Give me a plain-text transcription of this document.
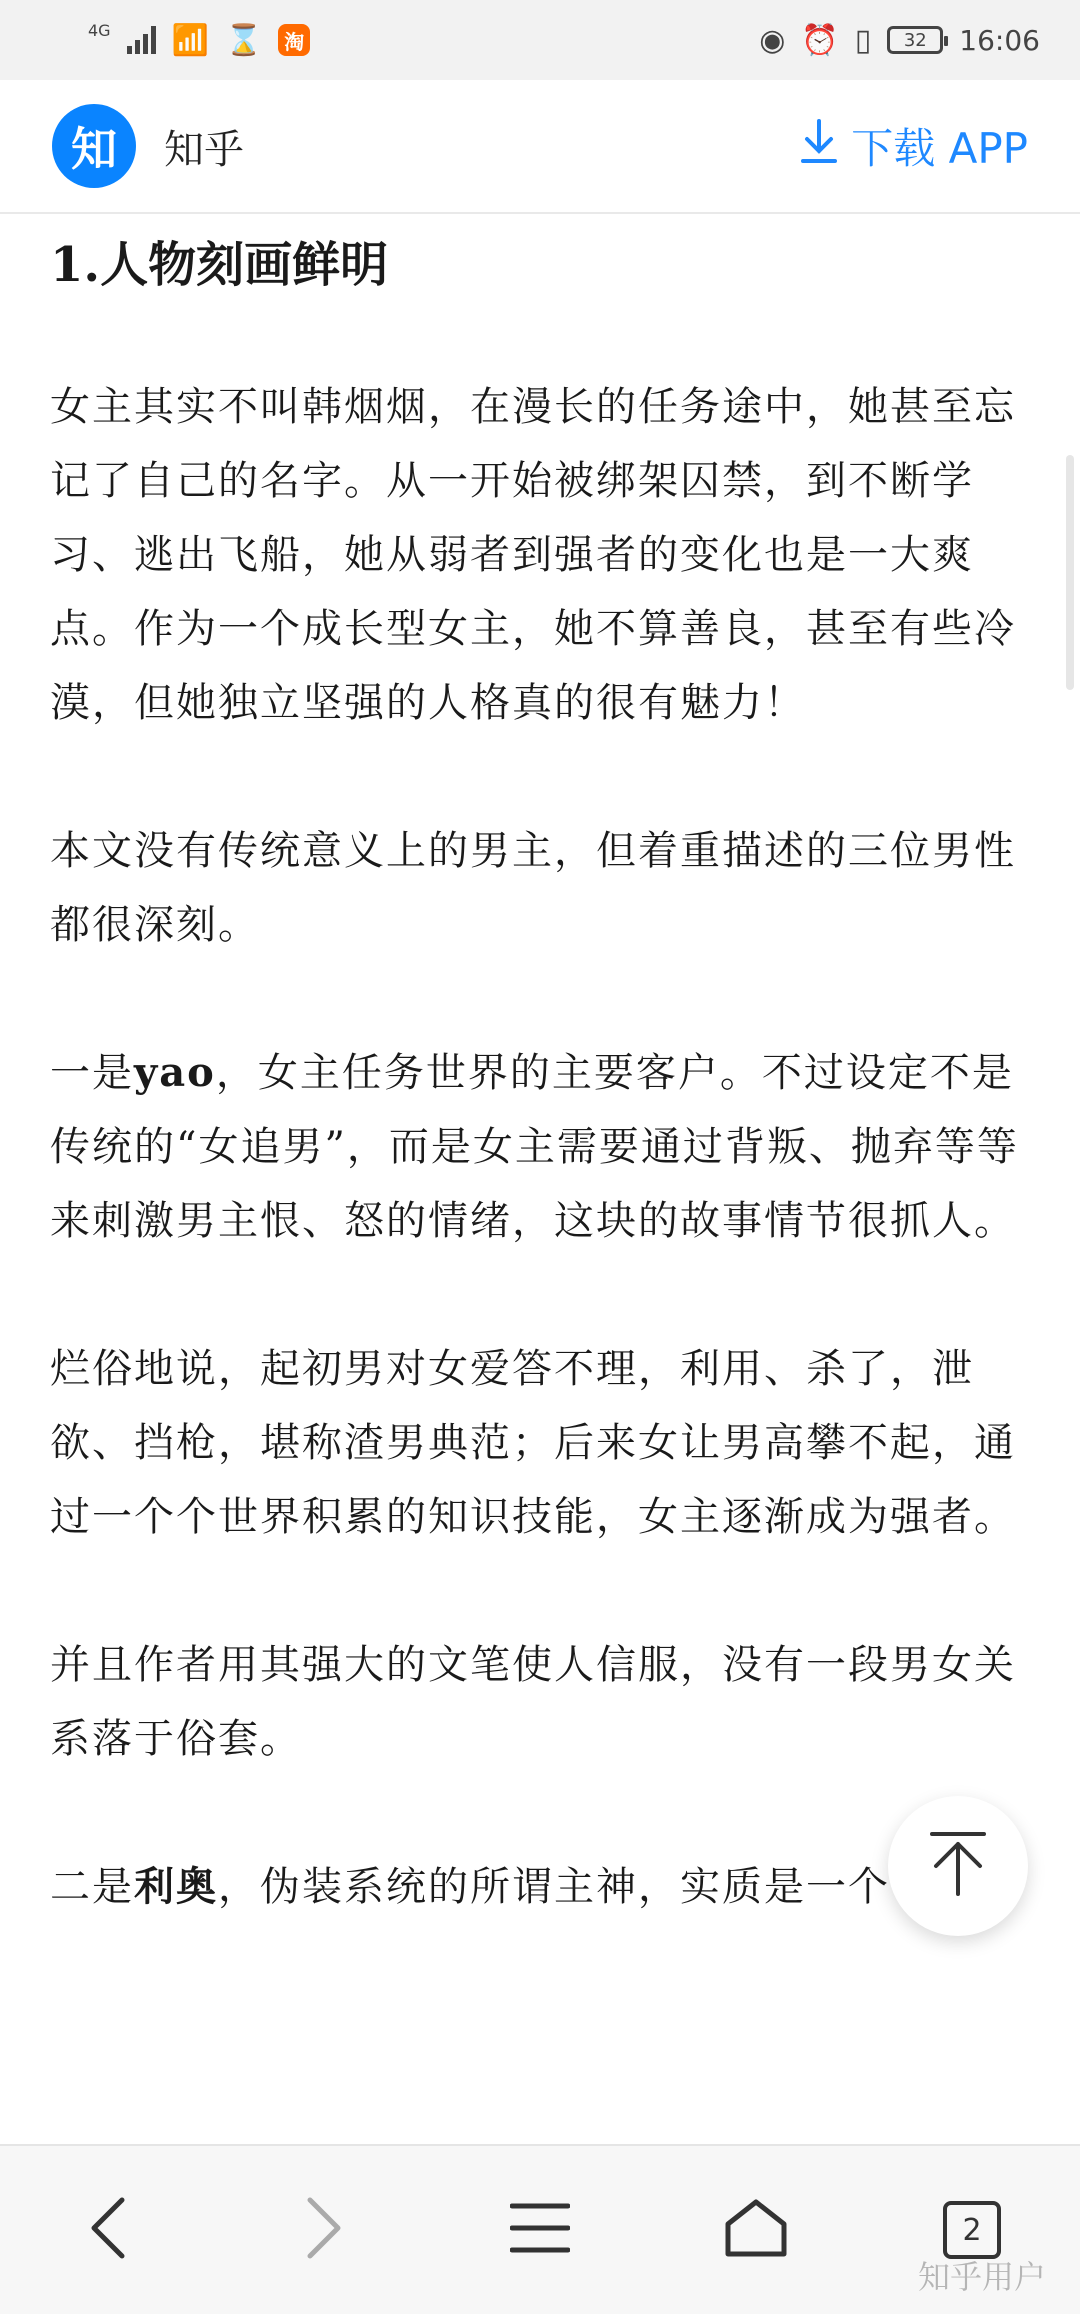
4G 📶 ⌛	淘	◉ ⏰ ▯	32	16:06
知	知乎	下载 APP
1.人物刻画鲜明

女主其实不叫韩烟烟，在漫长的任务途中，她甚至忘记了自己的名字。从一开始被绑架囚禁，到不断学习、逃出飞船，她从弱者到强者的变化也是一大爽点。作为一个成长型女主，她不算善良，甚至有些冷漠，但她独立坚强的人格真的很有魅力！

本文没有传统意义上的男主，但着重描述的三位男性都很深刻。

一是yao，女主任务世界的主要客户。不过设定不是传统的“女追男”，而是女主需要通过背叛、抛弃等等来刺激男主恨、怒的情绪，这块的故事情节很抓人。

烂俗地说，起初男对女爱答不理，利用、杀了，泄欲、挡枪，堪称渣男典范；后来女让男高攀不起，通过一个个世界积累的知识技能，女主逐渐成为强者。

并且作者用其强大的文笔使人信服，没有一段男女关系落于俗套。

二是利奥，伪装系统的所谓主神，实质是一个

2
知乎用户
